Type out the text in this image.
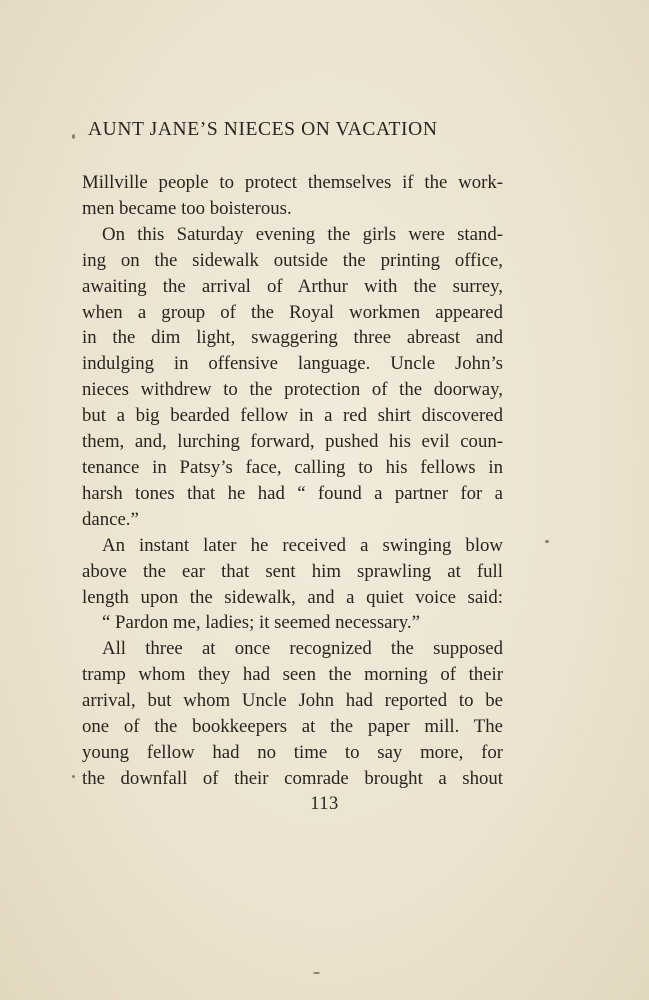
AUNT JANE’S NIECES ON VACATION
Millville people to protect themselves if the work-
men became too boisterous.
On this Saturday evening the girls were stand-
ing on the sidewalk outside the printing office,
awaiting the arrival of Arthur with the surrey,
when a group of the Royal workmen appeared
in the dim light, swaggering three abreast and
indulging in offensive language. Uncle John’s
nieces withdrew to the protection of the doorway,
but a big bearded fellow in a red shirt discovered
them, and, lurching forward, pushed his evil coun-
tenance in Patsy’s face, calling to his fellows in
harsh tones that he had “ found a partner for a
dance.”
An instant later he received a swinging blow
above the ear that sent him sprawling at full
length upon the sidewalk, and a quiet voice said:
“ Pardon me, ladies; it seemed necessary.”
All three at once recognized the supposed
tramp whom they had seen the morning of their
arrival, but whom Uncle John had reported to be
one of the bookkeepers at the paper mill. The
young fellow had no time to say more, for
the downfall of their comrade brought a shout
113
